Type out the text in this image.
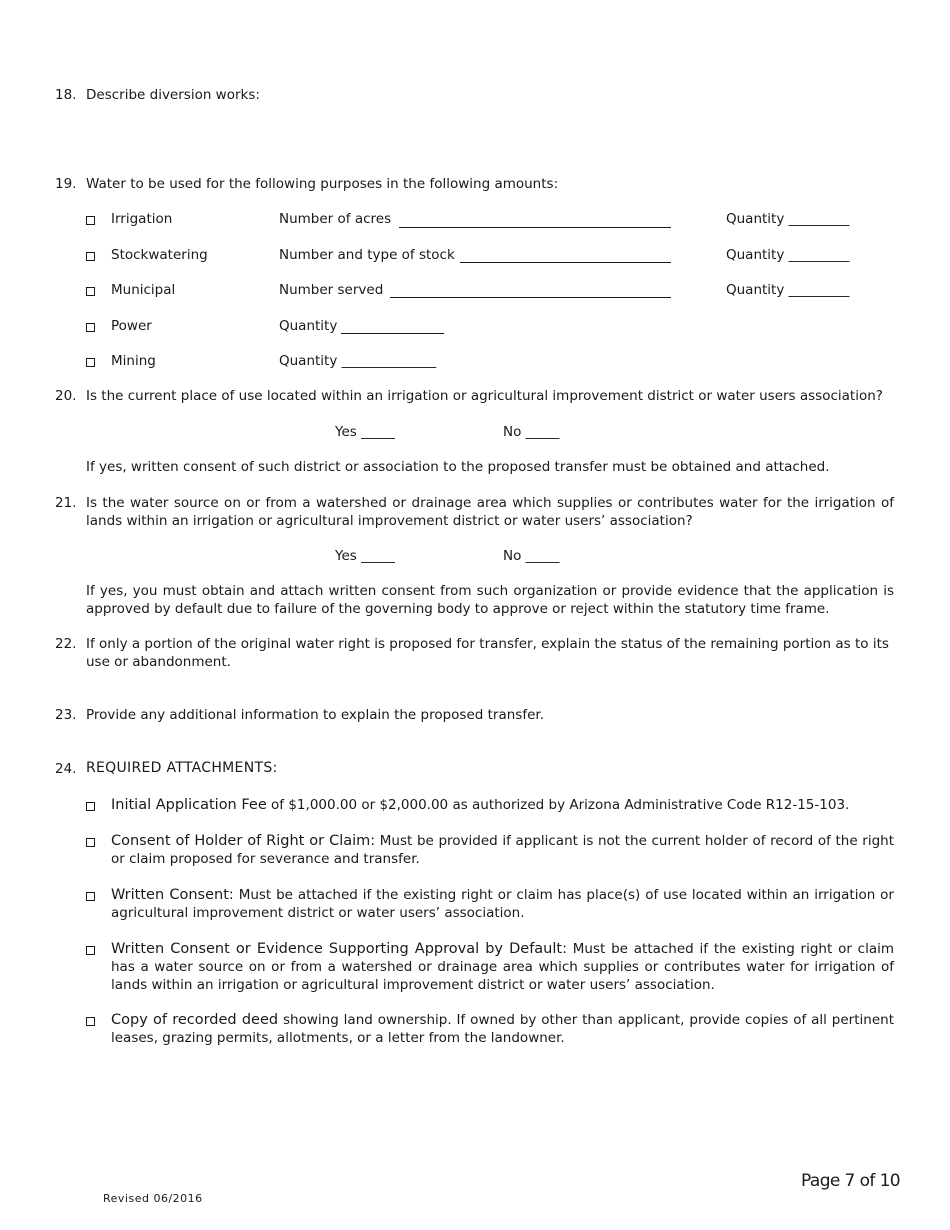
18. Describe diversion works:
19. Water to be used for the following purposes in the following amounts:
Irrigation	Number of acres	Quantity _________
Stockwatering	Number and type of stock	Quantity _________
Municipal	Number served	Quantity _________
Power	Quantity
Mining	Quantity ______________
20. Is the current place of use located within an irrigation or agricultural improvement district or water users association?
Yes _____	No _____
If yes, written consent of such district or association to the proposed transfer must be obtained and attached.
21. Is the water source on or from a watershed or drainage area which supplies or contributes water for the irrigation of lands within an irrigation or agricultural improvement district or water users’ association?
Yes _____	No _____
If yes, you must obtain and attach written consent from such organization or provide evidence that the application is approved by default due to failure of the governing body to approve or reject within the statutory time frame.
22. If only a portion of the original water right is proposed for transfer, explain the status of the remaining portion as to its use or abandonment.
23. Provide any additional information to explain the proposed transfer.
24. REQUIRED ATTACHMENTS:
Initial Application Fee of $1,000.00 or $2,000.00 as authorized by Arizona Administrative Code R12-15-103.
Consent of Holder of Right or Claim: Must be provided if applicant is not the current holder of record of the right or claim proposed for severance and transfer.
Written Consent: Must be attached if the existing right or claim has place(s) of use located within an irrigation or agricultural improvement district or water users’ association.
Written Consent or Evidence Supporting Approval by Default: Must be attached if the existing right or claim has a water source on or from a watershed or drainage area which supplies or contributes water for irrigation of lands within an irrigation or agricultural improvement district or water users’ association.
Copy of recorded deed showing land ownership. If owned by other than applicant, provide copies of all pertinent leases, grazing permits, allotments, or a letter from the landowner.
Page 7 of 10
Revised 06/2016
